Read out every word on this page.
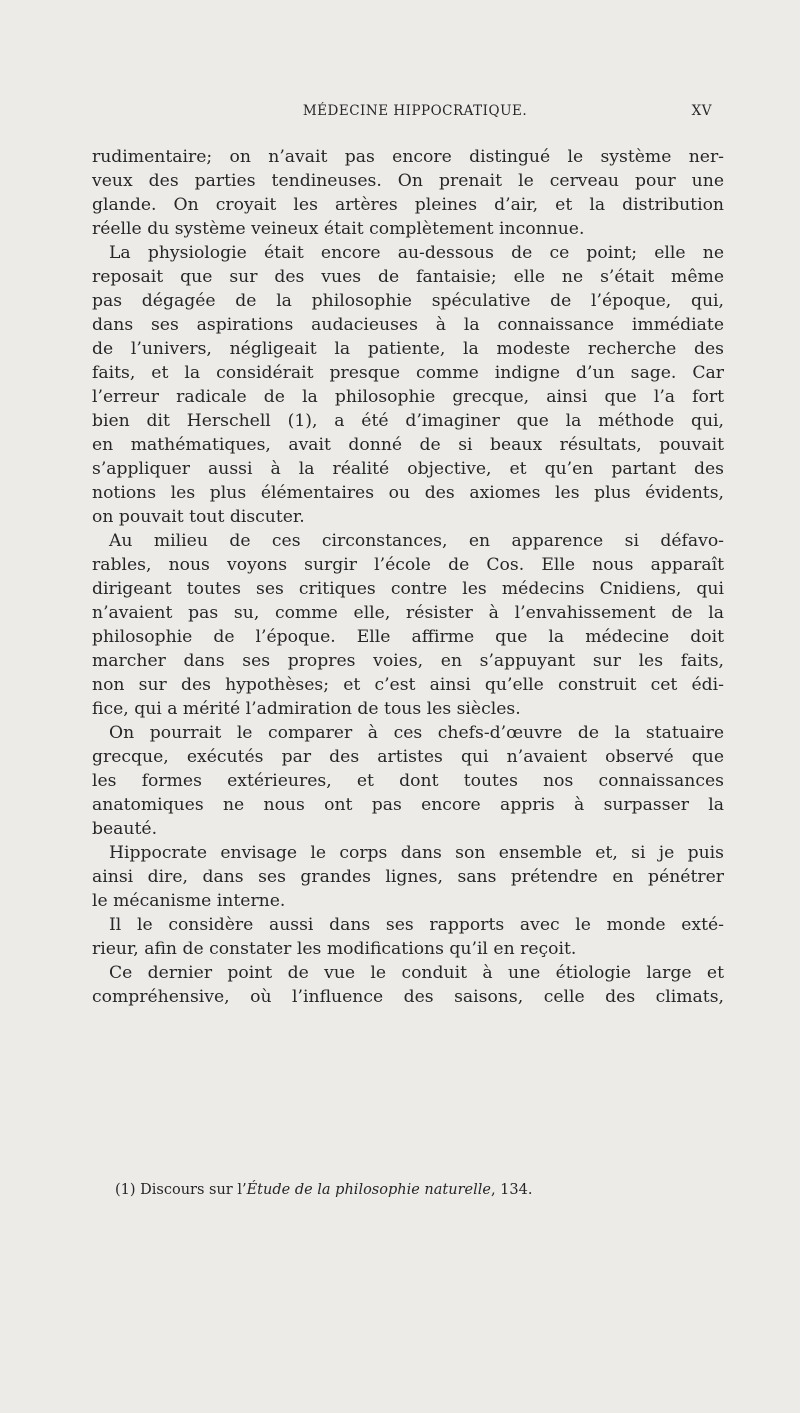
MÉDECINE HIPPOCRATIQUE.	XV
rudimentaire; on n’avait pas encore distingué le système ner-
veux des parties tendineuses. On prenait le cerveau pour une
glande. On croyait les artères pleines d’air, et la distribution
réelle du système veineux était complètement inconnue.
La physiologie était encore au-dessous de ce point; elle ne
reposait que sur des vues de fantaisie; elle ne s’était même
pas dégagée de la philosophie spéculative de l’époque, qui,
dans ses aspirations audacieuses à la connaissance immédiate
de l’univers, négligeait la patiente, la modeste recherche des
faits, et la considérait presque comme indigne d’un sage. Car
l’erreur radicale de la philosophie grecque, ainsi que l’a fort
bien dit Herschell (1), a été d’imaginer que la méthode qui,
en mathématiques, avait donné de si beaux résultats, pouvait
s’appliquer aussi à la réalité objective, et qu’en partant des
notions les plus élémentaires ou des axiomes les plus évidents,
on pouvait tout discuter.
Au milieu de ces circonstances, en apparence si défavo-
rables, nous voyons surgir l’école de Cos. Elle nous apparaît
dirigeant toutes ses critiques contre les médecins Cnidiens, qui
n’avaient pas su, comme elle, résister à l’envahissement de la
philosophie de l’époque. Elle affirme que la médecine doit
marcher dans ses propres voies, en s’appuyant sur les faits,
non sur des hypothèses; et c’est ainsi qu’elle construit cet édi-
fice, qui a mérité l’admiration de tous les siècles.
On pourrait le comparer à ces chefs-d’œuvre de la statuaire
grecque, exécutés par des artistes qui n’avaient observé que
les formes extérieures, et dont toutes nos connaissances
anatomiques ne nous ont pas encore appris à surpasser la
beauté.
Hippocrate envisage le corps dans son ensemble et, si je puis
ainsi dire, dans ses grandes lignes, sans prétendre en pénétrer
le mécanisme interne.
Il le considère aussi dans ses rapports avec le monde exté-
rieur, afin de constater les modifications qu’il en reçoit.
Ce dernier point de vue le conduit à une étiologie large et
compréhensive, où l’influence des saisons, celle des climats,
(1) Discours sur l’Étude de la philosophie naturelle, 134.
